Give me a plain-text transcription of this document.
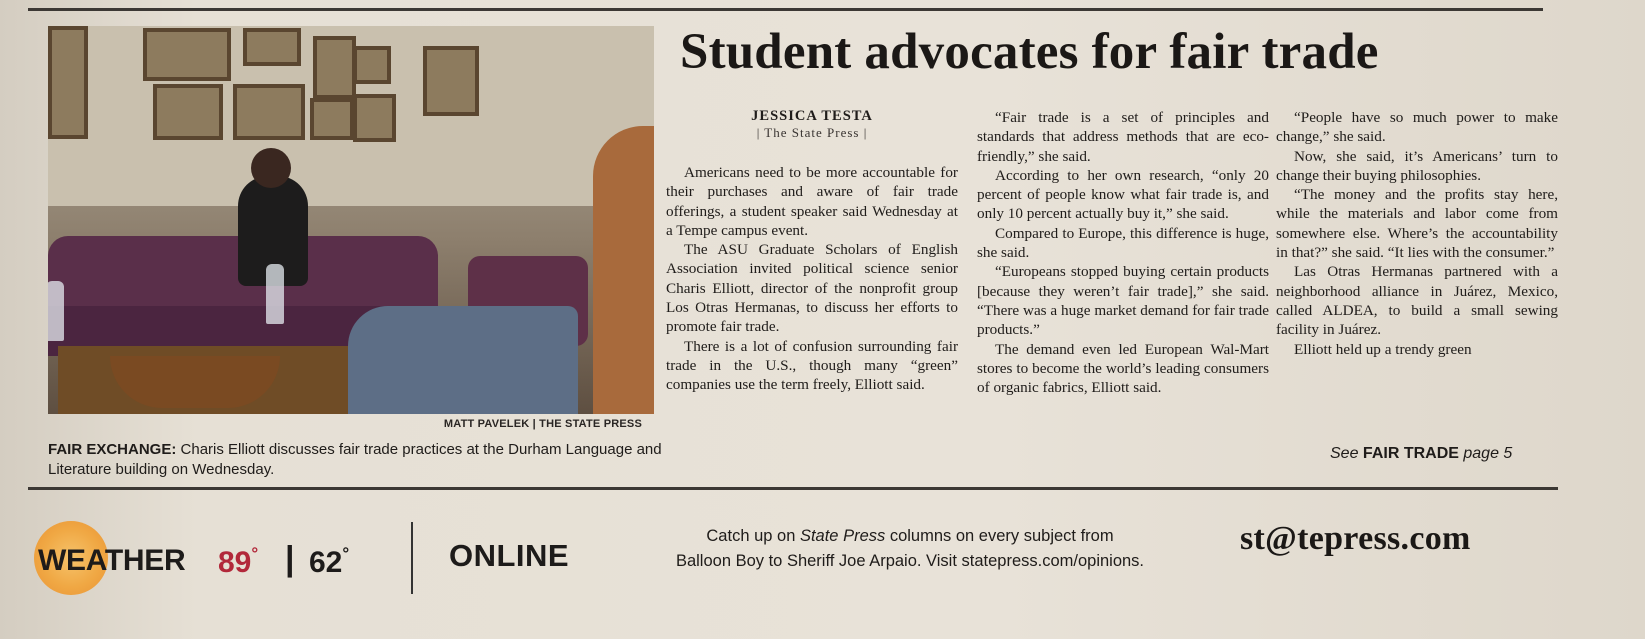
MATT PAVELEK | THE STATE PRESS
FAIR EXCHANGE: Charis Elliott discusses fair trade practices at the Durham Language and Literature building on Wednesday.
Student advocates for fair trade
JESSICA TESTA
| The State Press |

Americans need to be more accountable for their purchases and aware of fair trade offerings, a student speaker said Wednesday at a Tempe campus event.

The ASU Graduate Scholars of English Association invited political science senior Charis Elliott, director of the nonprofit group Los Otras Hermanas, to discuss her efforts to promote fair trade.

There is a lot of confusion surrounding fair trade in the U.S., though many “green” companies use the term freely, Elliott said.

“Fair trade is a set of principles and standards that address methods that are eco-friendly,” she said.

According to her own research, “only 20 percent of people know what fair trade is, and only 10 percent actually buy it,” she said.

Compared to Europe, this difference is huge, she said.

“Europeans stopped buying certain products [because they weren’t fair trade],” she said. “There was a huge market demand for fair trade products.”

The demand even led European Wal-Mart stores to become the world’s leading consumers of organic fabrics, Elliott said.

“People have so much power to make change,” she said.

Now, she said, it’s Americans’ turn to change their buying philosophies.

“The money and the profits stay here, while the materials and labor come from somewhere else. Where’s the accountability in that?” she said. “It lies with the consumer.”

Las Otras Hermanas partnered with a neighborhood alliance in Juárez, Mexico, called ALDEA, to build a small sewing facility in Juárez.

Elliott held up a trendy green

See FAIR TRADE page 5
WEATHER 89° | 62°	ONLINE
Catch up on State Press columns on every subject from
Balloon Boy to Sheriff Joe Arpaio. Visit statepress.com/opinions.
st@tepress.com
